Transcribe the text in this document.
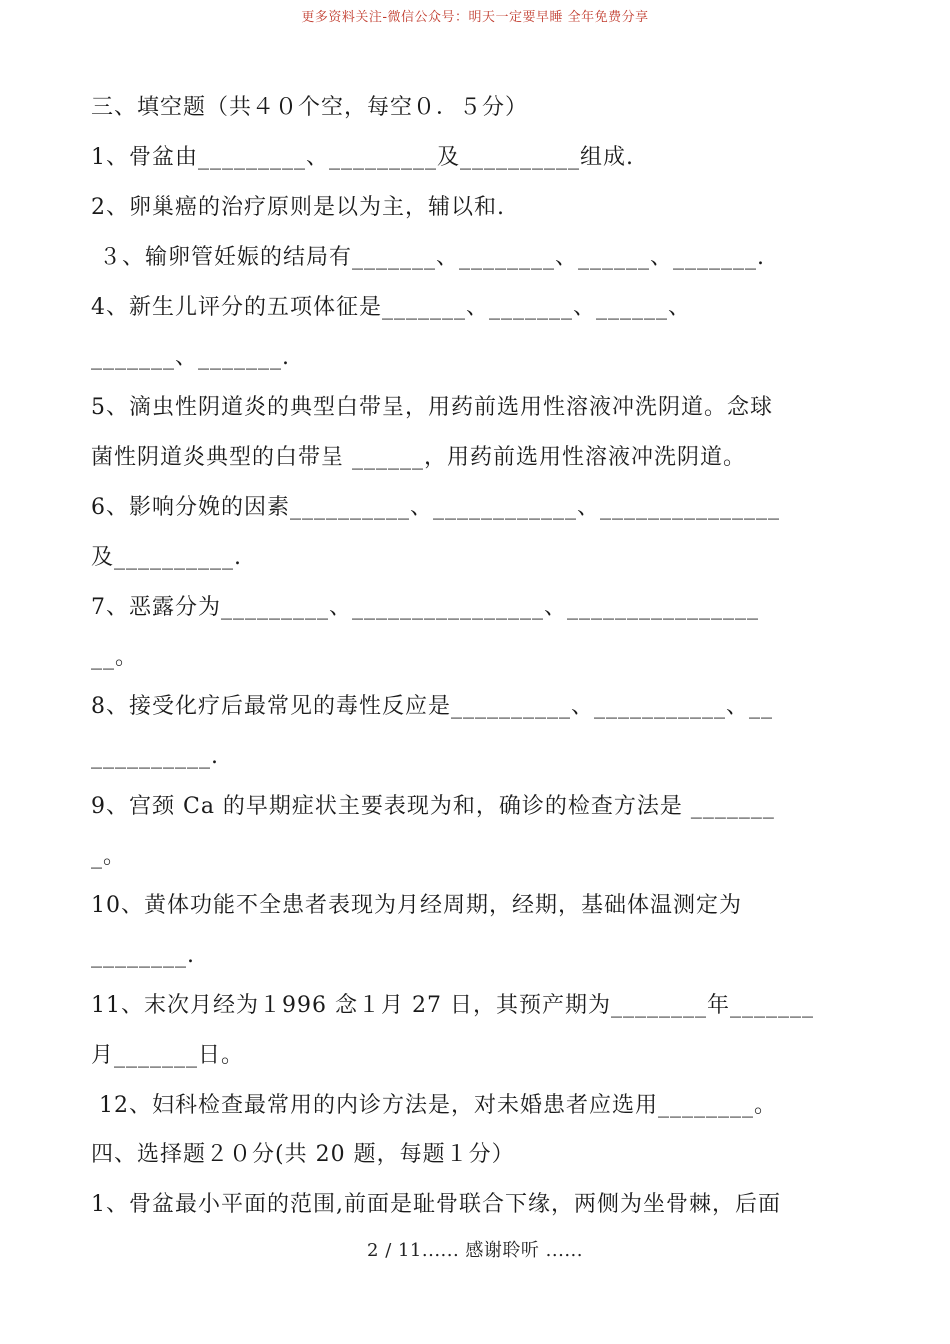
更多资料关注-微信公众号：明天一定要早睡 全年免费分享
三、填空题（共４０个空，每空０．５分）
1、骨盆由_________、_________及__________组成.
2、卵巢癌的治疗原则是以为主，辅以和.
３、输卵管妊娠的结局有_______、________、______、_______.
4、新生儿评分的五项体征是_______、_______、______、
_______、_______.
5、滴虫性阴道炎的典型白带呈，用药前选用性溶液冲洗阴道。念球
菌性阴道炎典型的白带呈 ______，用药前选用性溶液冲洗阴道。
6、影响分娩的因素__________、____________、_______________
及__________.
7、恶露分为_________、________________、________________
__。
8、接受化疗后最常见的毒性反应是__________、___________、__
__________.
9、宫颈 Ca 的早期症状主要表现为和，确诊的检查方法是 _______
_。
10、黄体功能不全患者表现为月经周期，经期，基础体温测定为
________.
11、末次月经为１996 念１月 27 日，其预产期为________年_______
月_______日。
12、妇科检查最常用的内诊方法是，对未婚患者应选用________。
四、选择题２０分(共 20 题，每题１分）
1、骨盆最小平面的范围,前面是耻骨联合下缘，两侧为坐骨棘，后面
2 / 11...... 感谢聆听 ......
